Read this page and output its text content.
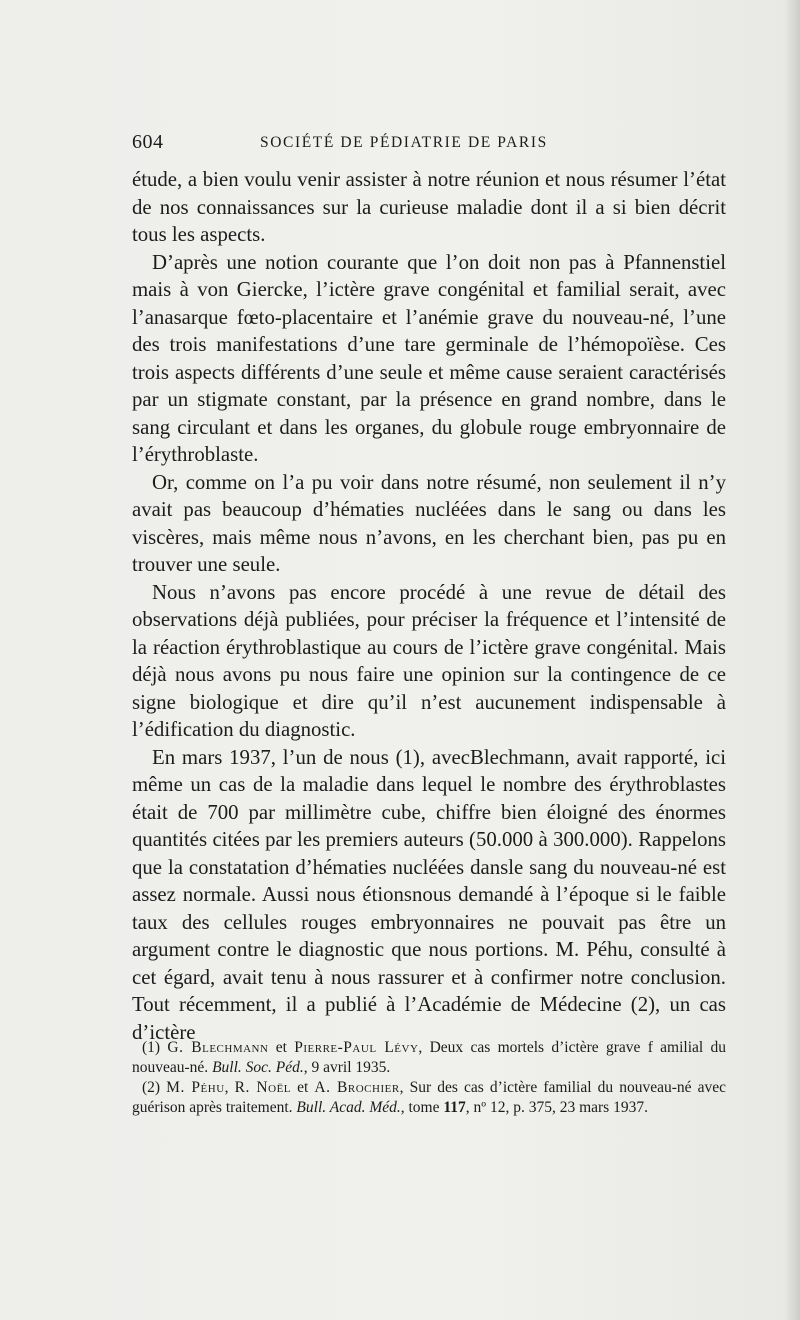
604	SOCIÉTÉ DE PÉDIATRIE DE PARIS

étude, a bien voulu venir assister à notre réunion et nous résumer l’état de nos connaissances sur la curieuse maladie dont il a si bien décrit tous les aspects.

D’après une notion courante que l’on doit non pas à Pfannenstiel mais à von Giercke, l’ictère grave congénital et familial serait, avec l’anasarque fœto-placentaire et l’anémie grave du nouveau-né, l’une des trois manifestations d’une tare germinale de l’hémopoïèse. Ces trois aspects différents d’une seule et même cause seraient caractérisés par un stigmate constant, par la présence en grand nombre, dans le sang circulant et dans les organes, du globule rouge embryonnaire de l’érythroblaste.

Or, comme on l’a pu voir dans notre résumé, non seulement il n’y avait pas beaucoup d’hématies nucléées dans le sang ou dans les viscères, mais même nous n’avons, en les cherchant bien, pas pu en trouver une seule.

Nous n’avons pas encore procédé à une revue de détail des observations déjà publiées, pour préciser la fréquence et l’intensité de la réaction érythroblastique au cours de l’ictère grave congénital. Mais déjà nous avons pu nous faire une opinion sur la contingence de ce signe biologique et dire qu’il n’est aucunement indispensable à l’édification du diagnostic.

En mars 1937, l’un de nous (1), avecBlechmann, avait rapporté, ici même un cas de la maladie dans lequel le nombre des érythroblastes était de 700 par millimètre cube, chiffre bien éloigné des énormes quantités citées par les premiers auteurs (50.000 à 300.000). Rappelons que la constatation d’hématies nucléées dansle sang du nouveau-né est assez normale. Aussi nous étionsnous demandé à l’époque si le faible taux des cellules rouges embryonnaires ne pouvait pas être un argument contre le diagnostic que nous portions. M. Péhu, consulté à cet égard, avait tenu à nous rassurer et à confirmer notre conclusion. Tout récemment, il a publié à l’Académie de Médecine (2), un cas d’ictère

(1) G. Blechmann et Pierre-Paul Lévy, Deux cas mortels d’ictère grave f amilial du nouveau-né. Bull. Soc. Péd., 9 avril 1935.

(2) M. Péhu, R. Noël et A. Brochier, Sur des cas d’ictère familial du nouveau-né avec guérison après traitement. Bull. Acad. Méd., tome 117, nº 12, p. 375, 23 mars 1937.
